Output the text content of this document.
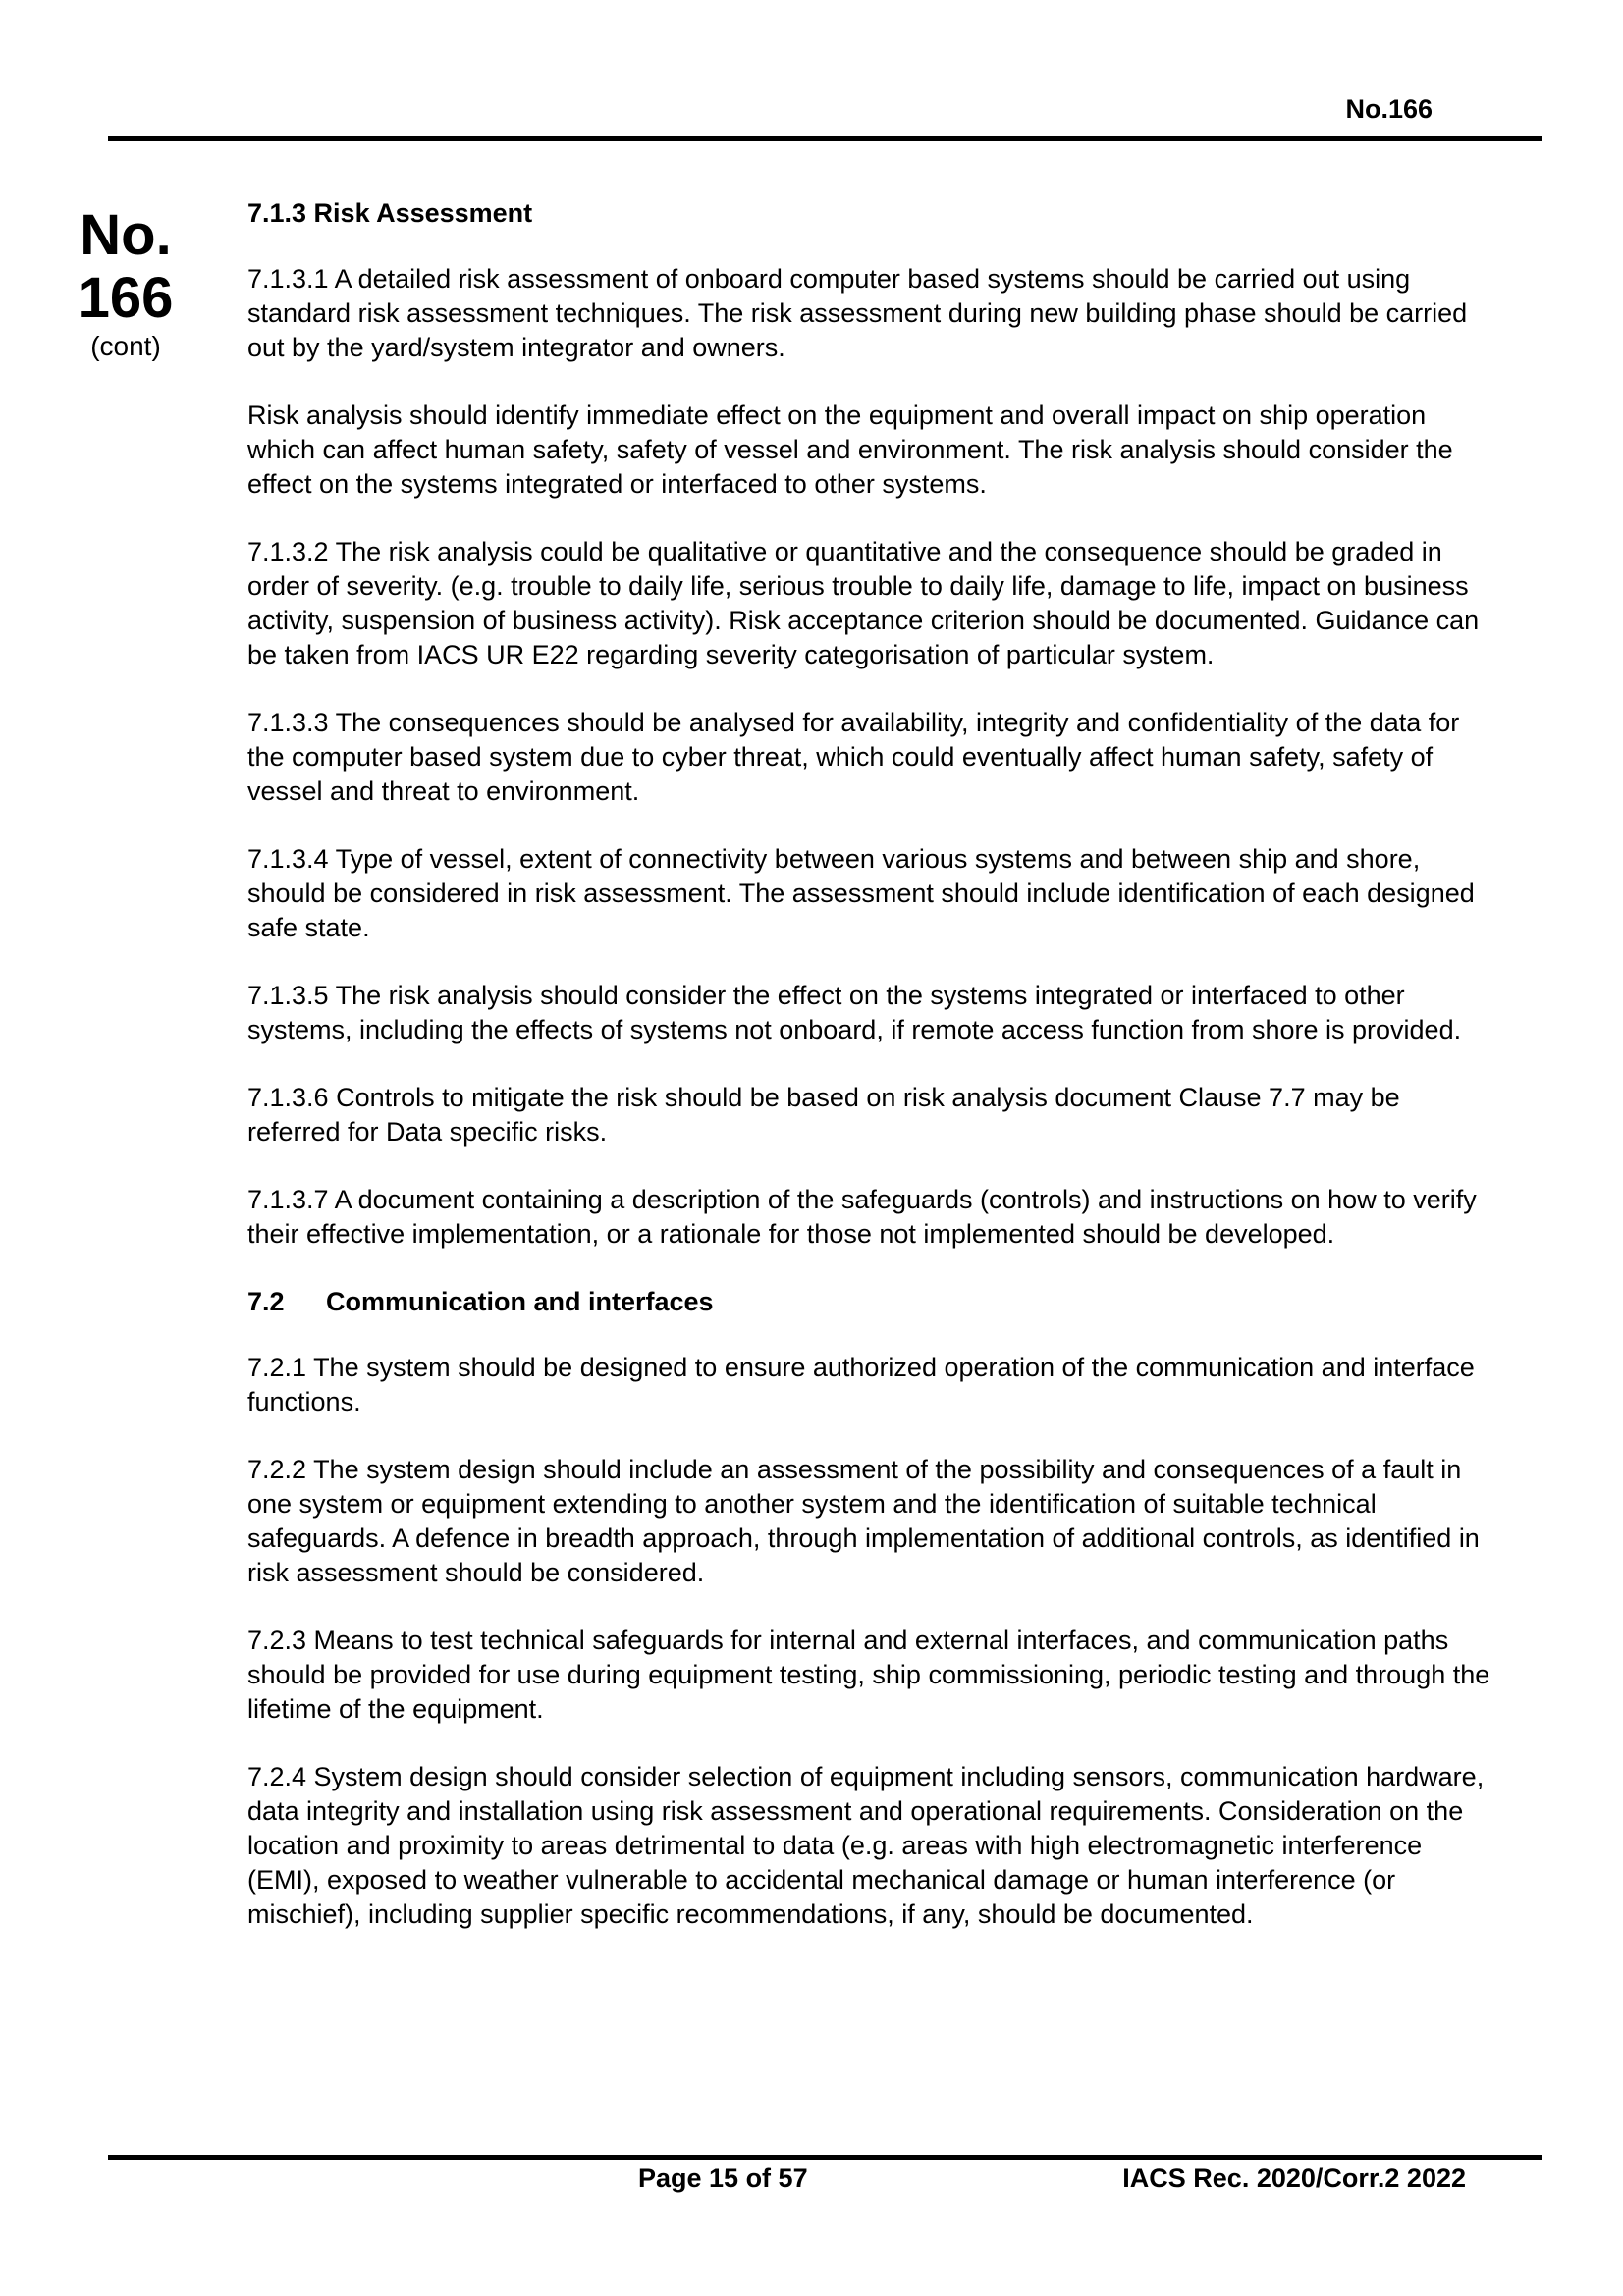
No.166
No.
166
(cont)
7.1.3 Risk Assessment

7.1.3.1 A detailed risk assessment of onboard computer based systems should be carried out using standard risk assessment techniques. The risk assessment during new building phase should be carried out by the yard/system integrator and owners.

Risk analysis should identify immediate effect on the equipment and overall impact on ship operation which can affect human safety, safety of vessel and environment. The risk analysis should consider the effect on the systems integrated or interfaced to other systems.

7.1.3.2 The risk analysis could be qualitative or quantitative and the consequence should be graded in order of severity. (e.g. trouble to daily life, serious trouble to daily life, damage to life, impact on business activity, suspension of business activity). Risk acceptance criterion should be documented. Guidance can be taken from IACS UR E22 regarding severity categorisation of particular system.

7.1.3.3 The consequences should be analysed for availability, integrity and confidentiality of the data for the computer based system due to cyber threat, which could eventually affect human safety, safety of vessel and threat to environment.

7.1.3.4 Type of vessel, extent of connectivity between various systems and between ship and shore, should be considered in risk assessment. The assessment should include identification of each designed safe state.

7.1.3.5 The risk analysis should consider the effect on the systems integrated or interfaced to other systems, including the effects of systems not onboard, if remote access function from shore is provided.

7.1.3.6 Controls to mitigate the risk should be based on risk analysis document Clause 7.7 may be referred for Data specific risks.

7.1.3.7 A document containing a description of the safeguards (controls) and instructions on how to verify their effective implementation, or a rationale for those not implemented should be developed.

7.2 Communication and interfaces

7.2.1 The system should be designed to ensure authorized operation of the communication and interface functions.

7.2.2 The system design should include an assessment of the possibility and consequences of a fault in one system or equipment extending to another system and the identification of suitable technical safeguards. A defence in breadth approach, through implementation of additional controls, as identified in risk assessment should be considered.

7.2.3 Means to test technical safeguards for internal and external interfaces, and communication paths should be provided for use during equipment testing, ship commissioning, periodic testing and through the lifetime of the equipment.

7.2.4 System design should consider selection of equipment including sensors, communication hardware, data integrity and installation using risk assessment and operational requirements. Consideration on the location and proximity to areas detrimental to data (e.g. areas with high electromagnetic interference (EMI), exposed to weather vulnerable to accidental mechanical damage or human interference (or mischief), including supplier specific recommendations, if any, should be documented.

Page 15 of 57	IACS Rec. 2020/Corr.2 2022
